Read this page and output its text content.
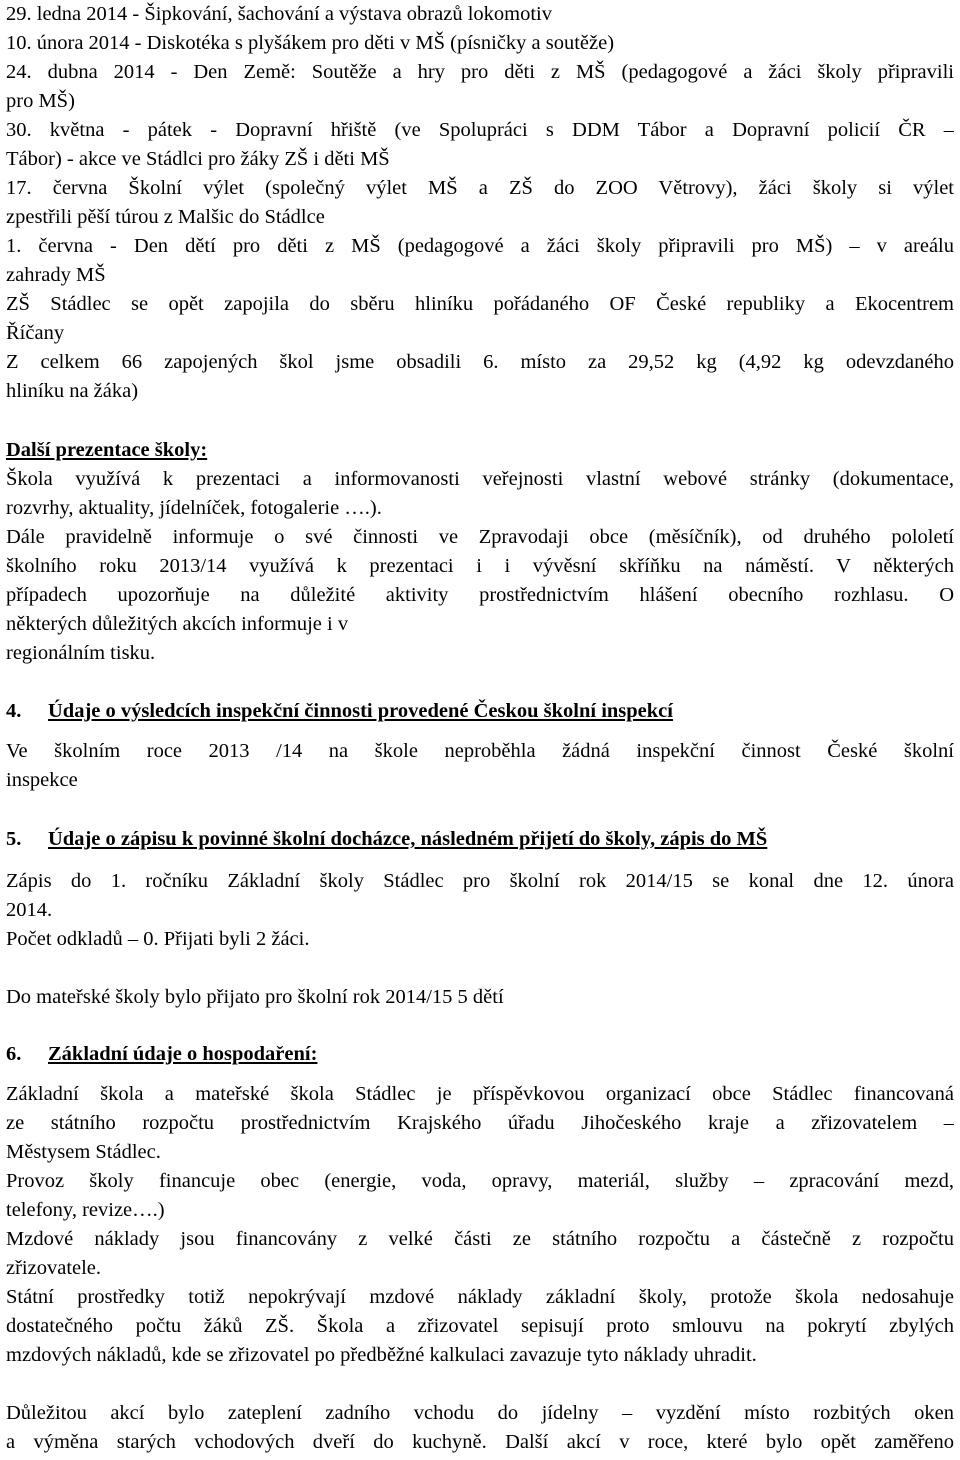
29. ledna 2014 - Šipkování, šachování a výstava obrazů lokomotiv
10. února 2014 - Diskotéka s plyšákem pro děti v MŠ (písničky a soutěže)
24. dubna 2014 - Den Země: Soutěže a hry pro děti z MŠ (pedagogové a žáci školy připravili
pro MŠ)
30. května - pátek - Dopravní hřiště (ve Spolupráci s DDM Tábor a Dopravní policií ČR –
Tábor) - akce ve Stádlci pro žáky ZŠ i děti MŠ
17. června Školní výlet (společný výlet MŠ a ZŠ do ZOO Větrovy), žáci školy si výlet
zpestřili pěší túrou z Malšic do Stádlce
1. června - Den dětí pro děti z MŠ (pedagogové a žáci školy připravili pro MŠ) – v areálu
zahrady MŠ
ZŠ Stádlec se opět zapojila do sběru hliníku pořádaného OF České republiky a Ekocentrem
Říčany
Z celkem 66 zapojených škol jsme obsadili 6. místo za 29,52 kg (4,92 kg odevzdaného
hliníku na žáka)
Další prezentace školy:
Škola využívá k prezentaci a informovanosti veřejnosti vlastní webové stránky (dokumentace,
rozvrhy, aktuality, jídelníček, fotogalerie ….).
Dále pravidelně informuje o své činnosti ve Zpravodaji obce (měsíčník), od druhého pololetí
školního roku 2013/14 využívá k prezentaci i i vývěsní skříňku na náměstí. V některých
případech upozorňuje na důležité aktivity prostřednictvím hlášení obecního rozhlasu. O
některých důležitých akcích informuje i v
regionálním tisku.
4. Údaje o výsledcích inspekční činnosti provedené Českou školní inspekcí
Ve školním roce 2013 /14 na škole neproběhla žádná inspekční činnost České školní
inspekce
5. Údaje o zápisu k povinné školní docházce, následném přijetí do školy, zápis do MŠ
Zápis do 1. ročníku Základní školy Stádlec pro školní rok 2014/15 se konal dne 12. února
2014.
Počet odkladů – 0. Přijati byli 2 žáci.
Do mateřské školy bylo přijato pro školní rok 2014/15 5 dětí
6. Základní údaje o hospodaření:
Základní škola a mateřské škola Stádlec je příspěvkovou organizací obce Stádlec financovaná
ze státního rozpočtu prostřednictvím Krajského úřadu Jihočeského kraje a zřizovatelem –
Městysem Stádlec.
Provoz školy financuje obec (energie, voda, opravy, materiál, služby – zpracování mezd,
telefony, revize….)
Mzdové náklady jsou financovány z velké části ze státního rozpočtu a částečně z rozpočtu
zřizovatele.
Státní prostředky totiž nepokrývají mzdové náklady základní školy, protože škola nedosahuje
dostatečného počtu žáků ZŠ. Škola a zřizovatel sepisují proto smlouvu na pokrytí zbylých
mzdových nákladů, kde se zřizovatel po předběžné kalkulaci zavazuje tyto náklady uhradit.
Důležitou akcí bylo zateplení zadního vchodu do jídelny – vyzdění místo rozbitých oken
a výměna starých vchodových dveří do kuchyně. Další akcí v roce, které bylo opět zaměřeno
